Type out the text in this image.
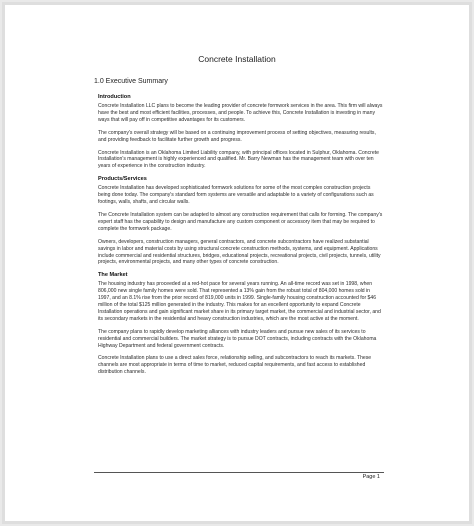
Concrete Installation
1.0 Executive Summary
Introduction

Concrete Installation LLC plans to become the leading provider of concrete formwork services in the area. This firm will always have the best and most efficient facilities, processes, and people. To achieve this, Concrete Installation is investing in many ways that will pay off in competitive advantages for its customers.

The company's overall strategy will be based on a continuing improvement process of setting objectives, measuring results, and providing feedback to facilitate further growth and progress.

Concrete Installation is an Oklahoma Limited Liability company, with principal offices located in Sulphur, Oklahoma. Concrete Installation's management is highly experienced and qualified. Mr. Barry Newman has the management team with over ten years of experience in the construction industry.

Products/Services

Concrete Installation has developed sophisticated formwork solutions for some of the most complex construction projects being done today. The company's standard form systems are versatile and adaptable to a variety of configurations such as footings, walls, shafts, and circular walls.

The Concrete Installation system can be adapted to almost any construction requirement that calls for forming. The company's expert staff has the capability to design and manufacture any custom component or accessory item that may be required to complete the formwork package.

Owners, developers, construction managers, general contractors, and concrete subcontractors have realized substantial savings in labor and material costs by using structural concrete construction methods, systems, and equipment. Applications include commercial and residential structures, bridges, educational projects, recreational projects, civil projects, tunnels, utility projects, environmental projects, and many other types of concrete construction.

The Market

The housing industry has proceeded at a red-hot pace for several years running. An all-time record was set in 1998, when 806,000 new single family homes were sold. That represented a 13% gain from the robust total of 804,000 homes sold in 1997, and an 8.1% rise from the prior record of 819,000 units in 1999. Single-family housing construction accounted for $46 million of the total $125 million generated in the industry. This makes for an excellent opportunity to expand Concrete Installation operations and gain significant market share in its primary target market, the commercial and industrial sector, and its secondary markets in the residential and heavy construction industries, which are the most active at the moment.

The company plans to rapidly develop marketing alliances with industry leaders and pursue new sales of its services to residential and commercial builders. The market strategy is to pursue DOT contracts, including contracts with the Oklahoma Highway Department and federal government contracts.

Concrete Installation plans to use a direct sales force, relationship selling, and subcontractors to reach its markets. These channels are most appropriate in terms of time to market, reduced capital requirements, and fast access to established distribution channels.

Page 1
